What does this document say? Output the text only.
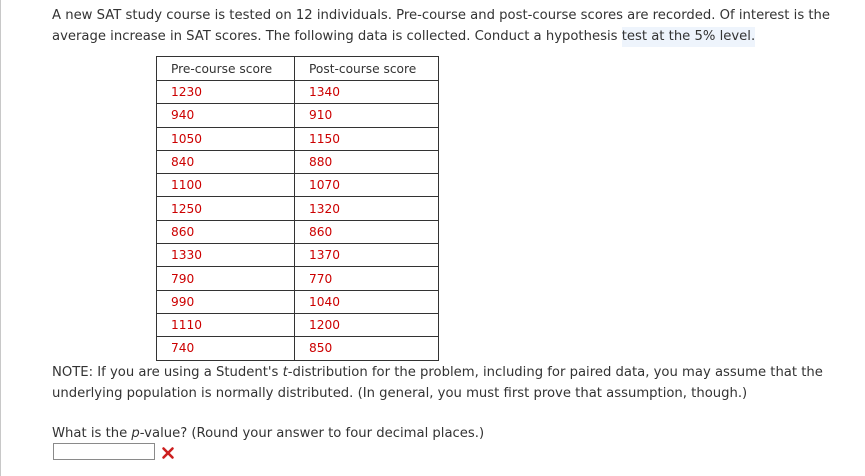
A new SAT study course is tested on 12 individuals. Pre-course and post-course scores are recorded. Of interest is the average increase in SAT scores. The following data is collected. Conduct a hypothesis test at the 5% level.
Pre-course score	Post-course score
1230	1340
940	910
1050	1150
840	880
1100	1070
1250	1320
860	860
1330	1370
790	770
990	1040
1110	1200
740	850
NOTE: If you are using a Student's t-distribution for the problem, including for paired data, you may assume that the underlying population is normally distributed. (In general, you must first prove that assumption, though.)
What is the p-value? (Round your answer to four decimal places.)
